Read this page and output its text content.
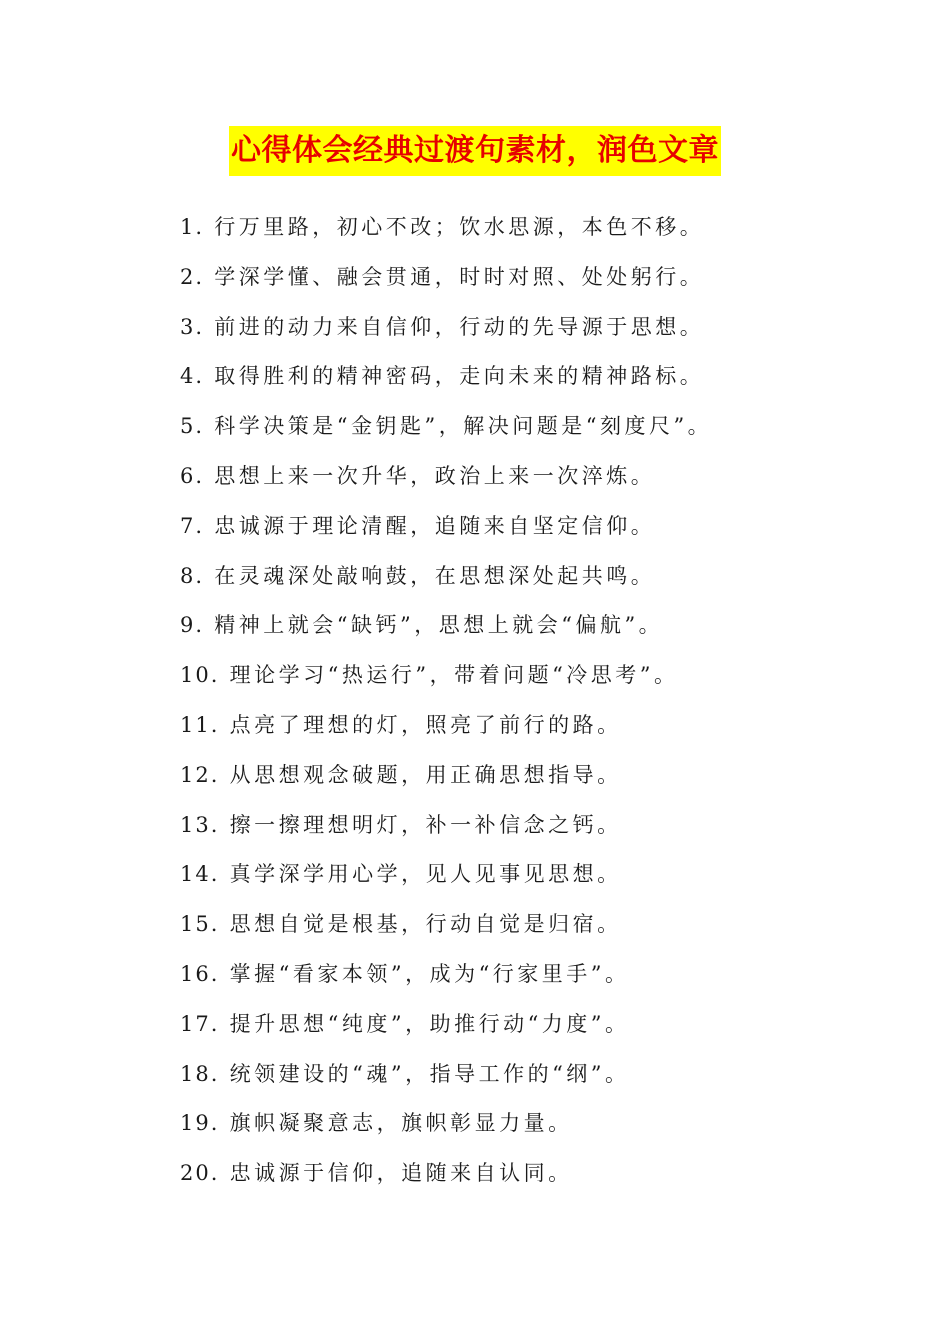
心得体会经典过渡句素材，润色文章
1. 行万里路，初心不改；饮水思源，本色不移。
2. 学深学懂、融会贯通，时时对照、处处躬行。
3. 前进的动力来自信仰，行动的先导源于思想。
4. 取得胜利的精神密码，走向未来的精神路标。
5. 科学决策是“金钥匙”，解决问题是“刻度尺”。
6. 思想上来一次升华，政治上来一次淬炼。
7. 忠诚源于理论清醒，追随来自坚定信仰。
8. 在灵魂深处敲响鼓，在思想深处起共鸣。
9. 精神上就会“缺钙”，思想上就会“偏航”。
10. 理论学习“热运行”，带着问题“冷思考”。
11. 点亮了理想的灯，照亮了前行的路。
12. 从思想观念破题，用正确思想指导。
13. 擦一擦理想明灯，补一补信念之钙。
14. 真学深学用心学，见人见事见思想。
15. 思想自觉是根基，行动自觉是归宿。
16. 掌握“看家本领”，成为“行家里手”。
17. 提升思想“纯度”，助推行动“力度”。
18. 统领建设的“魂”，指导工作的“纲”。
19. 旗帜凝聚意志，旗帜彰显力量。
20. 忠诚源于信仰，追随来自认同。
